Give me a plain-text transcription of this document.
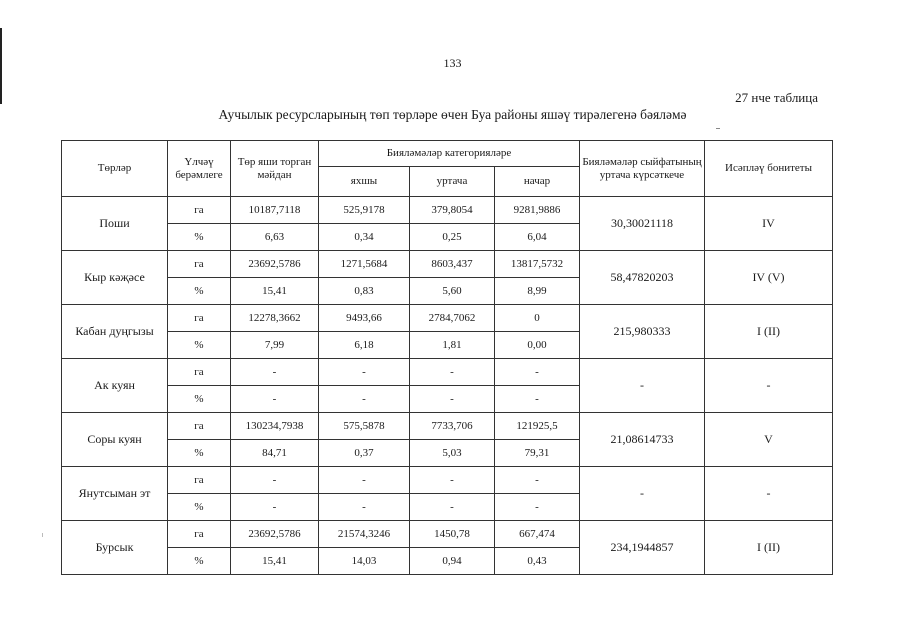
133
27 нче таблица
Аучылык ресурсларының төп төрләре өчен Буа районы яшәү тирәлегенә бәяләмә
Төрләр	Үлчәү берәмлеге	Төр яши торган мәйдан	Бияләмәләр категорияләре			Бияләмәләр сыйфатының уртача күрсәткече	Исәпләү бонитеты
			яхшы	уртача	начар		
Поши	га	10187,7118	525,9178	379,8054	9281,9886	30,30021118	IV
	%	6,63	0,34	0,25	6,04		
Кыр кәҗәсе	га	23692,5786	1271,5684	8603,437	13817,5732	58,47820203	IV (V)
	%	15,41	0,83	5,60	8,99		
Кабан дуңгызы	га	12278,3662	9493,66	2784,7062	0	215,980333	I (II)
	%	7,99	6,18	1,81	0,00		
Ак куян	га	-	-	-	-	-	-
	%	-	-	-	-		
Соры куян	га	130234,7938	575,5878	7733,706	121925,5	21,08614733	V
	%	84,71	0,37	5,03	79,31		
Янутсыман эт	га	-	-	-	-	-	-
	%	-	-	-	-		
Бурсык	га	23692,5786	21574,3246	1450,78	667,474	234,1944857	I (II)
	%	15,41	14,03	0,94	0,43		
